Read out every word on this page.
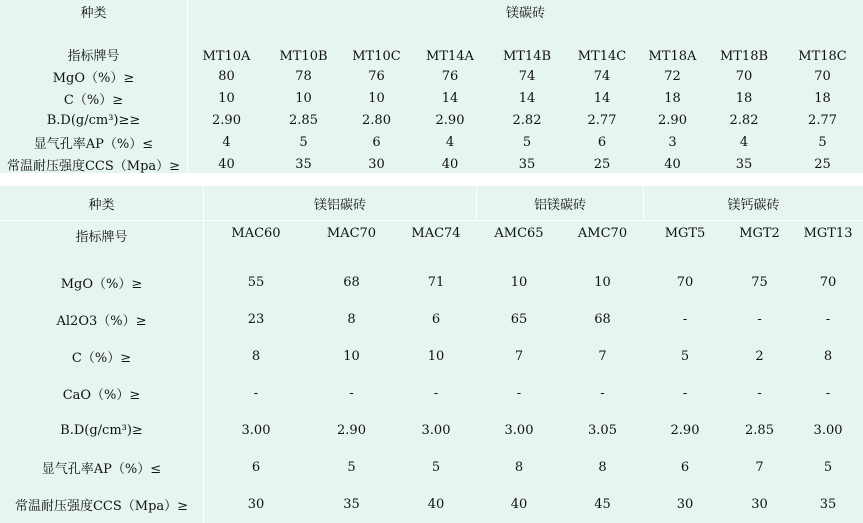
种类	镁碳砖								
指标牌号	MT10A	MT10B	MT10C	MT14A	MT14B	MT14C	MT18A	MT18B	MT18C
MgO（%）≥	80	78	76	76	74	74	72	70	70
C（%）≥	10	10	10	14	14	14	18	18	18
B.D(g/cm³)≥≥	2.90	2.85	2.80	2.90	2.82	2.77	2.90	2.82	2.77
显气孔率AP（%）≤	4	5	6	4	5	6	3	4	5
常温耐压强度CCS（Mpa）≥	40	35	30	40	35	25	40	35	25
种类	镁铝碳砖			铝镁碳砖		镁钙碳砖		
指标牌号	MAC60	MAC70	MAC74	AMC65	AMC70	MGT5	MGT2	MGT13
MgO（%）≥	55	68	71	10	10	70	75	70
Al2O3（%）≥	23	8	6	65	68	-	-	-
C（%）≥	8	10	10	7	7	5	2	8
CaO（%）≥	-	-	-	-	-	-	-	-
B.D(g/cm³)≥	3.00	2.90	3.00	3.00	3.05	2.90	2.85	3.00
显气孔率AP（%）≤	6	5	5	8	8	6	7	5
常温耐压强度CCS（Mpa）≥	30	35	40	40	45	30	30	35
